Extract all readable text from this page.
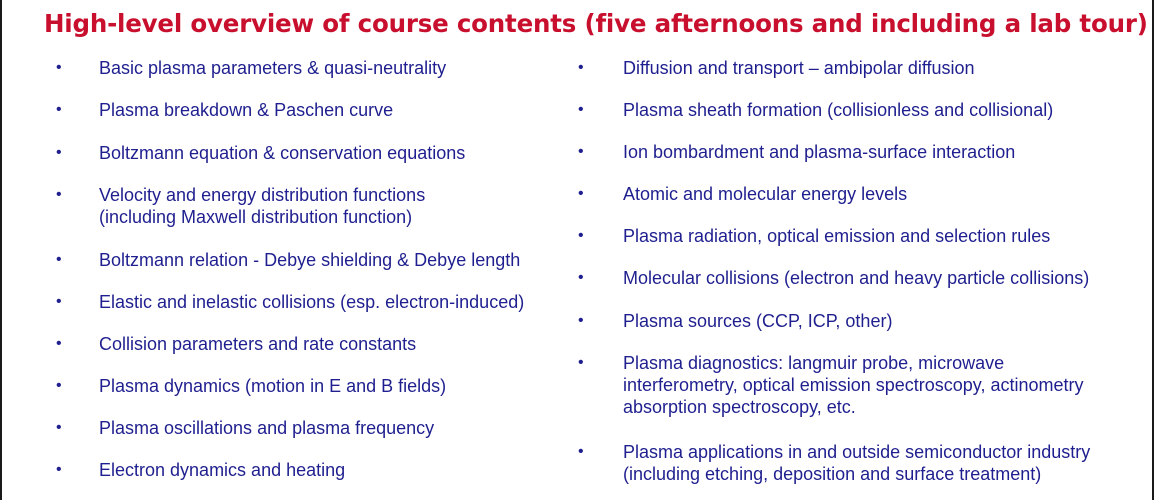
High-level overview of course contents (five afternoons and including a lab tour)
• Basic plasma parameters & quasi-neutrality
• Plasma breakdown & Paschen curve
• Boltzmann equation & conservation equations
• Velocity and energy distribution functions
(including Maxwell distribution function)
• Boltzmann relation - Debye shielding & Debye length
• Elastic and inelastic collisions (esp. electron-induced)
• Collision parameters and rate constants
• Plasma dynamics (motion in E and B fields)
• Plasma oscillations and plasma frequency
• Electron dynamics and heating
• Diffusion and transport – ambipolar diffusion
• Plasma sheath formation (collisionless and collisional)
• Ion bombardment and plasma-surface interaction
• Atomic and molecular energy levels
• Plasma radiation, optical emission and selection rules
• Molecular collisions (electron and heavy particle collisions)
• Plasma sources (CCP, ICP, other)
• Plasma diagnostics: langmuir probe, microwave
interferometry, optical emission spectroscopy, actinometry
absorption spectroscopy, etc.
• Plasma applications in and outside semiconductor industry
(including etching, deposition and surface treatment)
